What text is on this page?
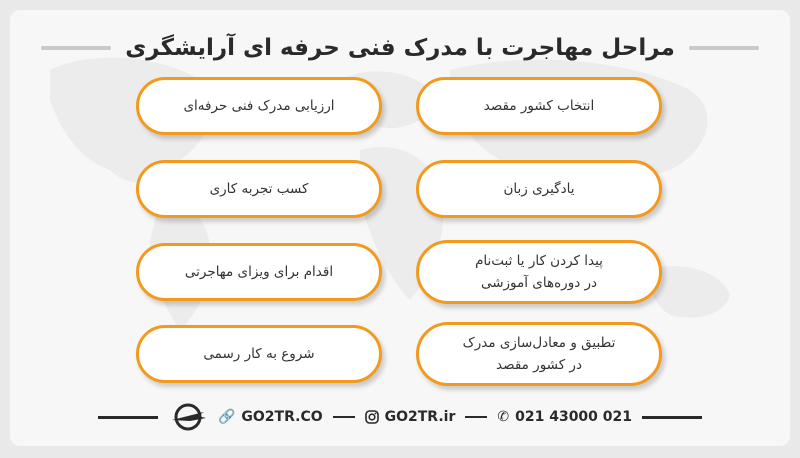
مراحل مهاجرت با مدرک فنی حرفه ای آرایشگری
انتخاب کشور مقصد
ارزیابی مدرک فنی حرفه‌ای
یادگیری زبان
کسب تجربه کاری
پیدا کردن کار یا ثبت‌نام
در دوره‌های آموزشی
اقدام برای ویزای مهاجرتی
تطبیق و معادل‌سازی مدرک
در کشور مقصد
شروع به کار رسمی
🔗 GO2TR.CO	GO2TR.ir	✆ 021 43000 021
